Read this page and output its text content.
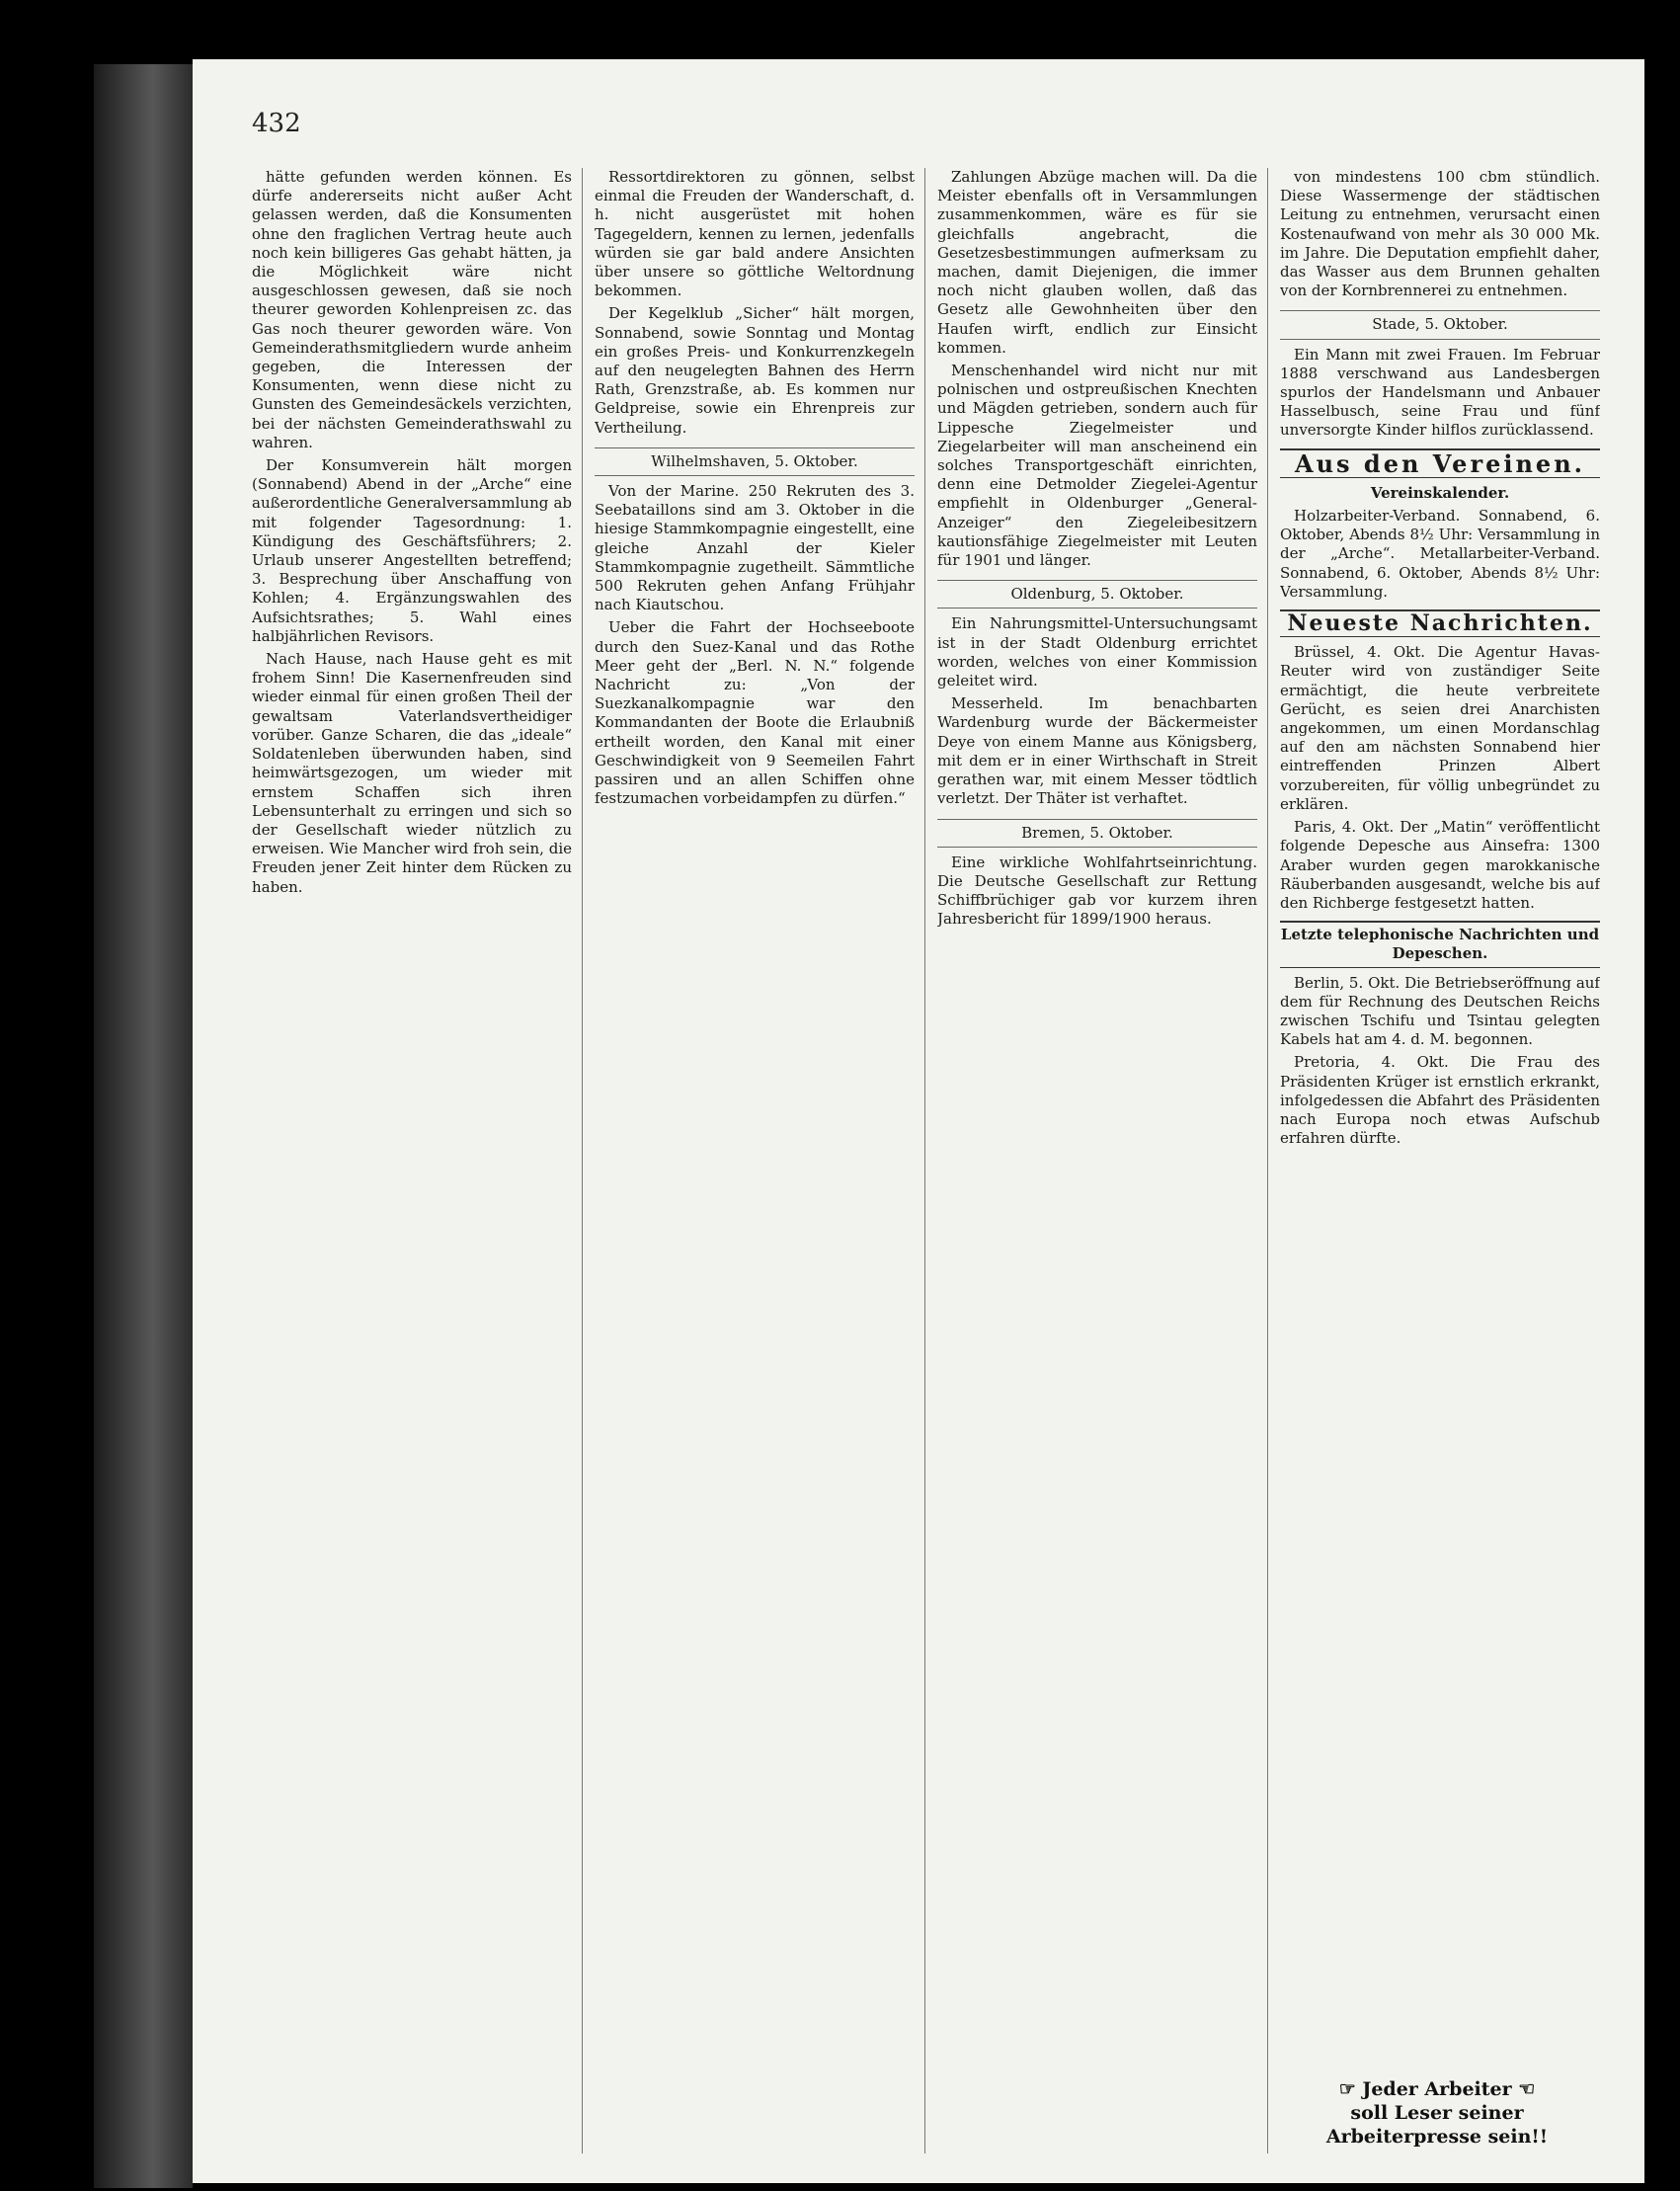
432

hätte gefunden werden können. Es dürfe andererseits nicht außer Acht gelassen werden, daß die Konsumenten ohne den fraglichen Vertrag heute auch noch kein billigeres Gas gehabt hätten, ja die Möglichkeit wäre nicht ausgeschlossen gewesen, daß sie noch theurer geworden Kohlenpreisen zc. das Gas noch theurer geworden wäre. Von Gemeinderathsmitgliedern wurde anheim gegeben, die Interessen der Konsumenten, wenn diese nicht zu Gunsten des Gemeindesäckels verzichten, bei der nächsten Gemeinderathswahl zu wahren.

Der Konsumverein hält morgen (Sonnabend) Abend in der „Arche“ eine außerordentliche Generalversammlung ab mit folgender Tagesordnung: 1. Kündigung des Geschäftsführers; 2. Urlaub unserer Angestellten betreffend; 3. Besprechung über Anschaffung von Kohlen; 4. Ergänzungswahlen des Aufsichtsrathes; 5. Wahl eines halbjährlichen Revisors.

Nach Hause, nach Hause geht es mit frohem Sinn! Die Kasernenfreuden sind wieder einmal für einen großen Theil der gewaltsam Vaterlandsvertheidiger vorüber. Ganze Scharen, die das „ideale“ Soldatenleben überwunden haben, sind heimwärtsgezogen, um wieder mit ernstem Schaffen sich ihren Lebensunterhalt zu erringen und sich so der Gesellschaft wieder nützlich zu erweisen. Wie Mancher wird froh sein, die Freuden jener Zeit hinter dem Rücken zu haben.

Ressortdirektoren zu gönnen, selbst einmal die Freuden der Wanderschaft, d. h. nicht ausgerüstet mit hohen Tagegeldern, kennen zu lernen, jedenfalls würden sie gar bald andere Ansichten über unsere so göttliche Weltordnung bekommen.

Der Kegelklub „Sicher“ hält morgen, Sonnabend, sowie Sonntag und Montag ein großes Preis- und Konkurrenzkegeln auf den neugelegten Bahnen des Herrn Rath, Grenzstraße, ab. Es kommen nur Geldpreise, sowie ein Ehrenpreis zur Vertheilung.

Wilhelmshaven, 5. Oktober.

Von der Marine. 250 Rekruten des 3. Seebataillons sind am 3. Oktober in die hiesige Stammkompagnie eingestellt, eine gleiche Anzahl der Kieler Stammkompagnie zugetheilt. Sämmtliche 500 Rekruten gehen Anfang Frühjahr nach Kiautschou.

Ueber die Fahrt der Hochseeboote durch den Suez-Kanal und das Rothe Meer geht der „Berl. N. N.“ folgende Nachricht zu: „Von der Suezkanalkompagnie war den Kommandanten der Boote die Erlaubniß ertheilt worden, den Kanal mit einer Geschwindigkeit von 9 Seemeilen Fahrt passiren und an allen Schiffen ohne festzumachen vorbeidampfen zu dürfen.“

Zahlungen Abzüge machen will. Da die Meister ebenfalls oft in Versammlungen zusammenkommen, wäre es für sie gleichfalls angebracht, die Gesetzesbestimmungen aufmerksam zu machen, damit Diejenigen, die immer noch nicht glauben wollen, daß das Gesetz alle Gewohnheiten über den Haufen wirft, endlich zur Einsicht kommen.

Menschenhandel wird nicht nur mit polnischen und ostpreußischen Knechten und Mägden getrieben, sondern auch für Lippesche Ziegelmeister und Ziegelarbeiter will man anscheinend ein solches Transportgeschäft einrichten, denn eine Detmolder Ziegelei-Agentur empfiehlt in Oldenburger „General-Anzeiger“ den Ziegeleibesitzern kautionsfähige Ziegelmeister mit Leuten für 1901 und länger.

Oldenburg, 5. Oktober.

Ein Nahrungsmittel-Untersuchungsamt ist in der Stadt Oldenburg errichtet worden, welches von einer Kommission geleitet wird.

Messerheld. Im benachbarten Wardenburg wurde der Bäckermeister Deye von einem Manne aus Königsberg, mit dem er in einer Wirthschaft in Streit gerathen war, mit einem Messer tödtlich verletzt. Der Thäter ist verhaftet.

Bremen, 5. Oktober.

Eine wirkliche Wohlfahrtseinrichtung. Die Deutsche Gesellschaft zur Rettung Schiffbrüchiger gab vor kurzem ihren Jahresbericht für 1899/1900 heraus.

von mindestens 100 cbm stündlich. Diese Wassermenge der städtischen Leitung zu entnehmen, verursacht einen Kostenaufwand von mehr als 30 000 Mk. im Jahre. Die Deputation empfiehlt daher, das Wasser aus dem Brunnen gehalten von der Kornbrennerei zu entnehmen.

Stade, 5. Oktober.

Ein Mann mit zwei Frauen. Im Februar 1888 verschwand aus Landesbergen spurlos der Handelsmann und Anbauer Hasselbusch, seine Frau und fünf unversorgte Kinder hilflos zurücklassend.

Aus den Vereinen.
Vereinskalender.

Holzarbeiter-Verband. Sonnabend, 6. Oktober, Abends 8½ Uhr: Versammlung in der „Arche“. Metallarbeiter-Verband. Sonnabend, 6. Oktober, Abends 8½ Uhr: Versammlung.

Neueste Nachrichten.

Brüssel, 4. Okt. Die Agentur Havas-Reuter wird von zuständiger Seite ermächtigt, die heute verbreitete Gerücht, es seien drei Anarchisten angekommen, um einen Mordanschlag auf den am nächsten Sonnabend hier eintreffenden Prinzen Albert vorzubereiten, für völlig unbegründet zu erklären.

Paris, 4. Okt. Der „Matin“ veröffentlicht folgende Depesche aus Ainsefra: 1300 Araber wurden gegen marokkanische Räuberbanden ausgesandt, welche bis auf den Richberge festgesetzt hatten.

Letzte telephonische Nachrichten und Depeschen.

Berlin, 5. Okt. Die Betriebseröffnung auf dem für Rechnung des Deutschen Reichs zwischen Tschifu und Tsintau gelegten Kabels hat am 4. d. M. begonnen.

Pretoria, 4. Okt. Die Frau des Präsidenten Krüger ist ernstlich erkrankt, infolgedessen die Abfahrt des Präsidenten nach Europa noch etwas Aufschub erfahren dürfte.

☞ Jeder Arbeiter ☜
soll Leser seiner Arbeiterpresse sein!!
